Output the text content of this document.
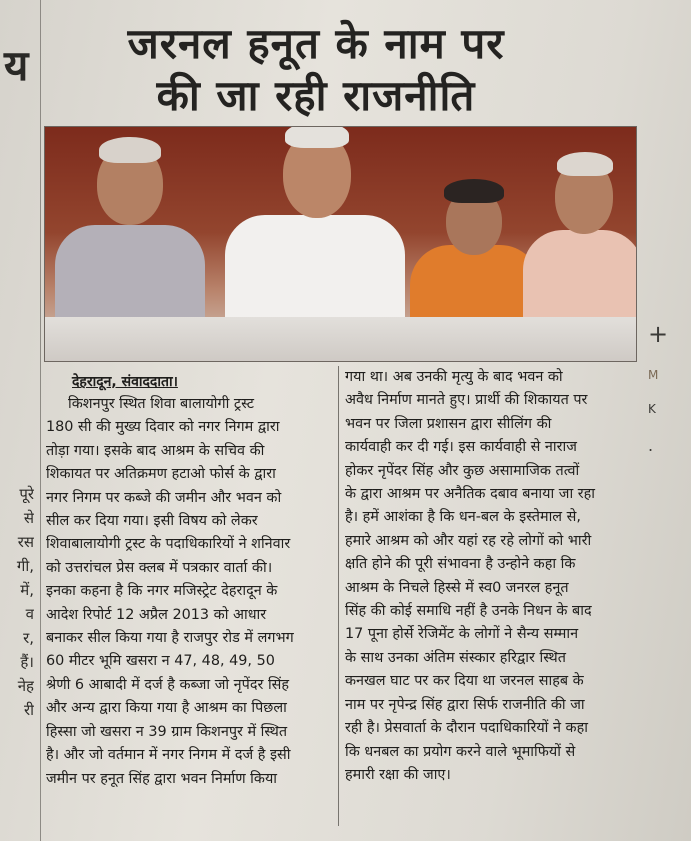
य
पूरे
से
रस
गी,
में,
व
र,
हैं।
नेह
री
जरनल हनूत के नाम पर
की जा रही राजनीति
देहरादून, संवाददाता।
किशनपुर स्थित शिवा बालायोगी ट्रस्ट
180 सी की मुख्य दिवार को नगर निगम द्वारा
तोड़ा गया। इसके बाद आश्रम के सचिव की
शिकायत पर अतिक्रमण हटाओ फोर्स के द्वारा
नगर निगम पर कब्जे की जमीन और भवन को
सील कर दिया गया। इसी विषय को लेकर
शिवाबालायोगी ट्रस्ट के पदाधिकारियों ने शनिवार
को उत्तरांचल प्रेस क्लब में पत्रकार वार्ता की।
इनका कहना है कि नगर मजिस्ट्रेट देहरादून के
आदेश रिपोर्ट 12 अप्रैल 2013 को आधार
बनाकर सील किया गया है राजपुर रोड में लगभग
60 मीटर भूमि खसरा न 47, 48, 49, 50
श्रेणी 6 आबादी में दर्ज है कब्जा जो नृपेंदर सिंह
और अन्य द्वारा किया गया है आश्रम का पिछला
हिस्सा जो खसरा न 39 ग्राम किशनपुर में स्थित
है। और जो वर्तमान में नगर निगम में दर्ज है इसी
जमीन पर हनूत सिंह द्वारा भवन निर्माण किया
गया था। अब उनकी मृत्यु के बाद भवन को
अवैध निर्माण मानते हुए। प्रार्थी की शिकायत पर
भवन पर जिला प्रशासन द्वारा सीलिंग की
कार्यवाही कर दी गई। इस कार्यवाही से नाराज
होकर नृपेंदर सिंह और कुछ असामाजिक तत्वों
के द्वारा आश्रम पर अनैतिक दबाव बनाया जा रहा
है। हमें आशंका है कि धन-बल के इस्तेमाल से,
हमारे आश्रम को और यहां रह रहे लोगों को भारी
क्षति होने की पूरी संभावना है उन्होने कहा कि
आश्रम के निचले हिस्से में स्व0 जनरल हनूत
सिंह की कोई समाधि नहीं है उनके निधन के बाद
17 पूना होर्से रेजिमेंट के लोगों ने सैन्य सम्मान
के साथ उनका अंतिम संस्कार हरिद्वार स्थित
कनखल घाट पर कर दिया था जरनल साहब के
नाम पर नृपेन्द्र सिंह द्वारा सिर्फ राजनीति की जा
रही है। प्रेसवार्ता के दौरान पदाधिकारियों ने कहा
कि धनबल का प्रयोग करने वाले भूमाफियों से
हमारी रक्षा की जाए।
+
M
K
.
